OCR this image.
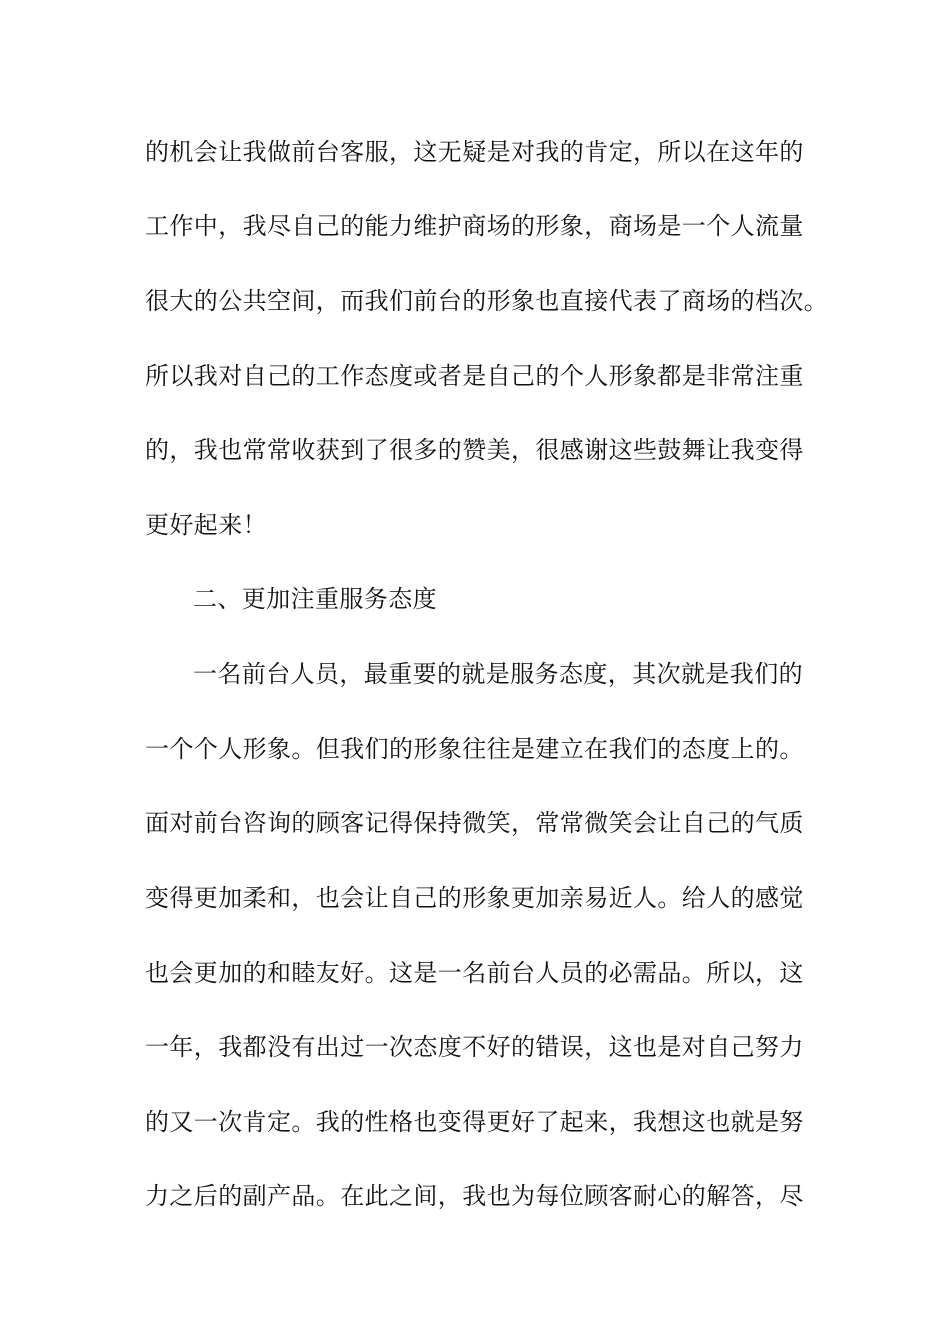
的机会让我做前台客服，这无疑是对我的肯定，所以在这年的

工作中，我尽自己的能力维护商场的形象，商场是一个人流量

很大的公共空间，而我们前台的形象也直接代表了商场的档次。

所以我对自己的工作态度或者是自己的个人形象都是非常注重

的，我也常常收获到了很多的赞美，很感谢这些鼓舞让我变得

更好起来！

二、更加注重服务态度

一名前台人员，最重要的就是服务态度，其次就是我们的

一个个人形象。但我们的形象往往是建立在我们的态度上的。

面对前台咨询的顾客记得保持微笑，常常微笑会让自己的气质

变得更加柔和，也会让自己的形象更加亲易近人。给人的感觉

也会更加的和睦友好。这是一名前台人员的必需品。所以，这

一年，我都没有出过一次态度不好的错误，这也是对自己努力

的又一次肯定。我的性格也变得更好了起来，我想这也就是努

力之后的副产品。在此之间，我也为每位顾客耐心的解答，尽
